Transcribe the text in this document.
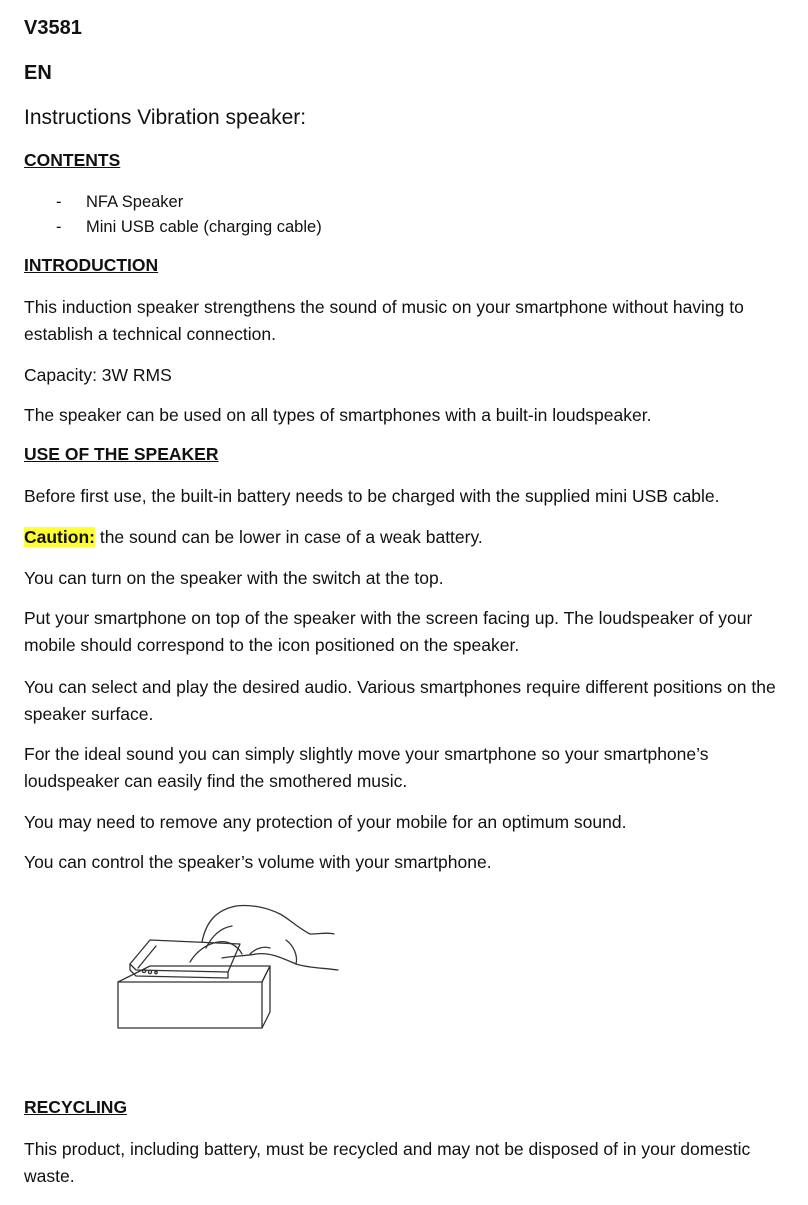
V3581
EN
Instructions Vibration speaker:
CONTENTS
- NFA Speaker
- Mini USB cable (charging cable)
INTRODUCTION

This induction speaker strengthens the sound of music on your smartphone without having to establish a technical connection.

Capacity: 3W RMS

The speaker can be used on all types of smartphones with a built-in loudspeaker.

USE OF THE SPEAKER

Before first use, the built-in battery needs to be charged with the supplied mini USB cable.

Caution: the sound can be lower in case of a weak battery.

You can turn on the speaker with the switch at the top.

Put your smartphone on top of the speaker with the screen facing up. The loudspeaker of your mobile should correspond to the icon positioned on the speaker.

You can select and play the desired audio. Various smartphones require different positions on the speaker surface.

For the ideal sound you can simply slightly move your smartphone so your smartphone’s loudspeaker can easily find the smothered music.

You may need to remove any protection of your mobile for an optimum sound.

You can control the speaker’s volume with your smartphone.

RECYCLING

This product, including battery, must be recycled and may not be disposed of in your domestic waste.
